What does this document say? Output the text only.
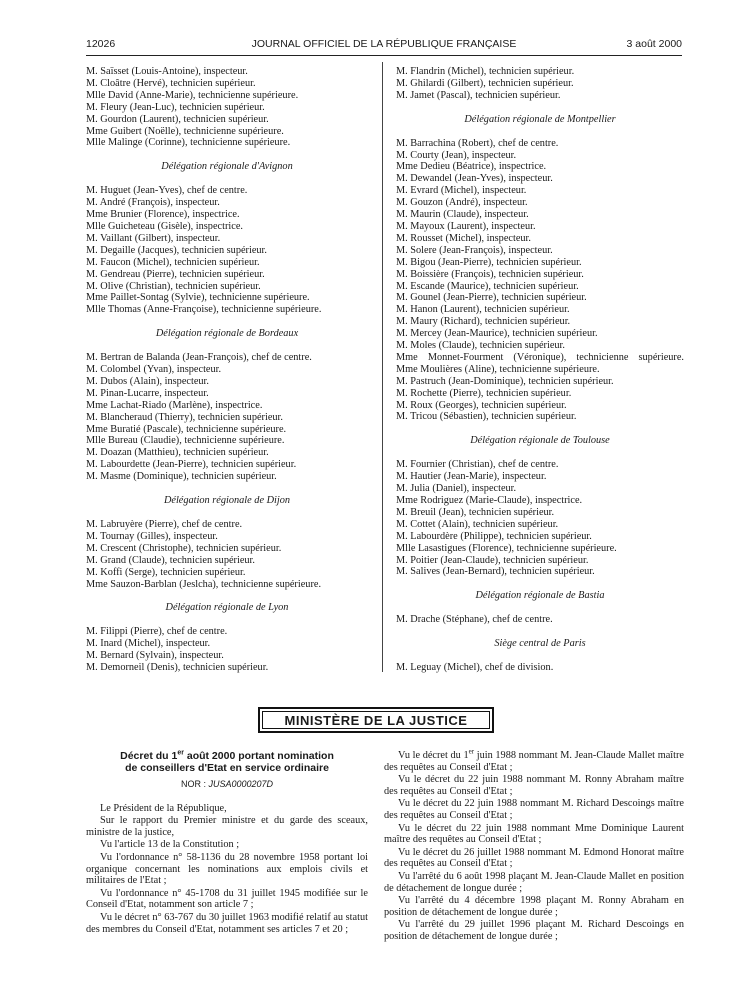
12026	JOURNAL OFFICIEL DE LA RÉPUBLIQUE FRANÇAISE	3 août 2000
M. Saïsset (Louis-Antoine), inspecteur.
M. Cloâtre (Hervé), technicien supérieur.
Mlle David (Anne-Marie), technicienne supérieure.
M. Fleury (Jean-Luc), technicien supérieur.
M. Gourdon (Laurent), technicien supérieur.
Mme Guibert (Noëlle), technicienne supérieure.
Mlle Malinge (Corinne), technicienne supérieure.
Délégation régionale d'Avignon
M. Huguet (Jean-Yves), chef de centre.
M. André (François), inspecteur.
Mme Brunier (Florence), inspectrice.
Mlle Guicheteau (Gisèle), inspectrice.
M. Vaillant (Gilbert), inspecteur.
M. Degaille (Jacques), technicien supérieur.
M. Faucon (Michel), technicien supérieur.
M. Gendreau (Pierre), technicien supérieur.
M. Olive (Christian), technicien supérieur.
Mme Paillet-Sontag (Sylvie), technicienne supérieure.
Mlle Thomas (Anne-Françoise), technicienne supérieure.
Délégation régionale de Bordeaux
M. Bertran de Balanda (Jean-François), chef de centre.
M. Colombel (Yvan), inspecteur.
M. Dubos (Alain), inspecteur.
M. Pinan-Lucarre, inspecteur.
Mme Lachat-Riado (Marlène), inspectrice.
M. Blancheraud (Thierry), technicien supérieur.
Mme Buratié (Pascale), technicienne supérieure.
Mlle Bureau (Claudie), technicienne supérieure.
M. Doazan (Matthieu), technicien supérieur.
M. Labourdette (Jean-Pierre), technicien supérieur.
M. Masme (Dominique), technicien supérieur.
Délégation régionale de Dijon
M. Labruyère (Pierre), chef de centre.
M. Tournay (Gilles), inspecteur.
M. Crescent (Christophe), technicien supérieur.
M. Grand (Claude), technicien supérieur.
M. Koffi (Serge), technicien supérieur.
Mme Sauzon-Barblan (Jeslcha), technicienne supérieure.
Délégation régionale de Lyon
M. Filippi (Pierre), chef de centre.
M. Inard (Michel), inspecteur.
M. Bernard (Sylvain), inspecteur.
M. Demorneil (Denis), technicien supérieur.
M. Flandrin (Michel), technicien supérieur.
M. Ghilardi (Gilbert), technicien supérieur.
M. Jamet (Pascal), technicien supérieur.
Délégation régionale de Montpellier
M. Barrachina (Robert), chef de centre.
M. Courty (Jean), inspecteur.
Mme Dedieu (Béatrice), inspectrice.
M. Dewandel (Jean-Yves), inspecteur.
M. Evrard (Michel), inspecteur.
M. Gouzon (André), inspecteur.
M. Maurin (Claude), inspecteur.
M. Mayoux (Laurent), inspecteur.
M. Rousset (Michel), inspecteur.
M. Solere (Jean-François), inspecteur.
M. Bigou (Jean-Pierre), technicien supérieur.
M. Boissière (François), technicien supérieur.
M. Escande (Maurice), technicien supérieur.
M. Gounel (Jean-Pierre), technicien supérieur.
M. Hanon (Laurent), technicien supérieur.
M. Maury (Richard), technicien supérieur.
M. Mercey (Jean-Maurice), technicien supérieur.
M. Moles (Claude), technicien supérieur.
Mme Monnet-Fourment (Véronique), technicienne supérieure.
Mme Moulières (Aline), technicienne supérieure.
M. Pastruch (Jean-Dominique), technicien supérieur.
M. Rochette (Pierre), technicien supérieur.
M. Roux (Georges), technicien supérieur.
M. Tricou (Sébastien), technicien supérieur.
Délégation régionale de Toulouse
M. Fournier (Christian), chef de centre.
M. Hautier (Jean-Marie), inspecteur.
M. Julia (Daniel), inspecteur.
Mme Rodriguez (Marie-Claude), inspectrice.
M. Breuil (Jean), technicien supérieur.
M. Cottet (Alain), technicien supérieur.
M. Labourdère (Philippe), technicien supérieur.
Mlle Lasastigues (Florence), technicienne supérieure.
M. Poitier (Jean-Claude), technicien supérieur.
M. Salives (Jean-Bernard), technicien supérieur.
Délégation régionale de Bastia
M. Drache (Stéphane), chef de centre.
Siège central de Paris
M. Leguay (Michel), chef de division.
MINISTÈRE DE LA JUSTICE
Décret du 1er août 2000 portant nomination
de conseillers d'Etat en service ordinaire
NOR : JUSA0000207D

Le Président de la République,

Sur le rapport du Premier ministre et du garde des sceaux, ministre de la justice,

Vu l'article 13 de la Constitution ;

Vu l'ordonnance n° 58-1136 du 28 novembre 1958 portant loi organique concernant les nominations aux emplois civils et militaires de l'Etat ;

Vu l'ordonnance n° 45-1708 du 31 juillet 1945 modifiée sur le Conseil d'Etat, notamment son article 7 ;

Vu le décret n° 63-767 du 30 juillet 1963 modifié relatif au statut des membres du Conseil d'Etat, notamment ses articles 7 et 20 ;

Vu le décret du 1er juin 1988 nommant M. Jean-Claude Mallet maître des requêtes au Conseil d'Etat ;

Vu le décret du 22 juin 1988 nommant M. Ronny Abraham maître des requêtes au Conseil d'Etat ;

Vu le décret du 22 juin 1988 nommant M. Richard Descoings maître des requêtes au Conseil d'Etat ;

Vu le décret du 22 juin 1988 nommant Mme Dominique Laurent maître des requêtes au Conseil d'Etat ;

Vu le décret du 26 juillet 1988 nommant M. Edmond Honorat maître des requêtes au Conseil d'Etat ;

Vu l'arrêté du 6 août 1998 plaçant M. Jean-Claude Mallet en position de détachement de longue durée ;

Vu l'arrêté du 4 décembre 1998 plaçant M. Ronny Abraham en position de détachement de longue durée ;

Vu l'arrêté du 29 juillet 1996 plaçant M. Richard Descoings en position de détachement de longue durée ;
